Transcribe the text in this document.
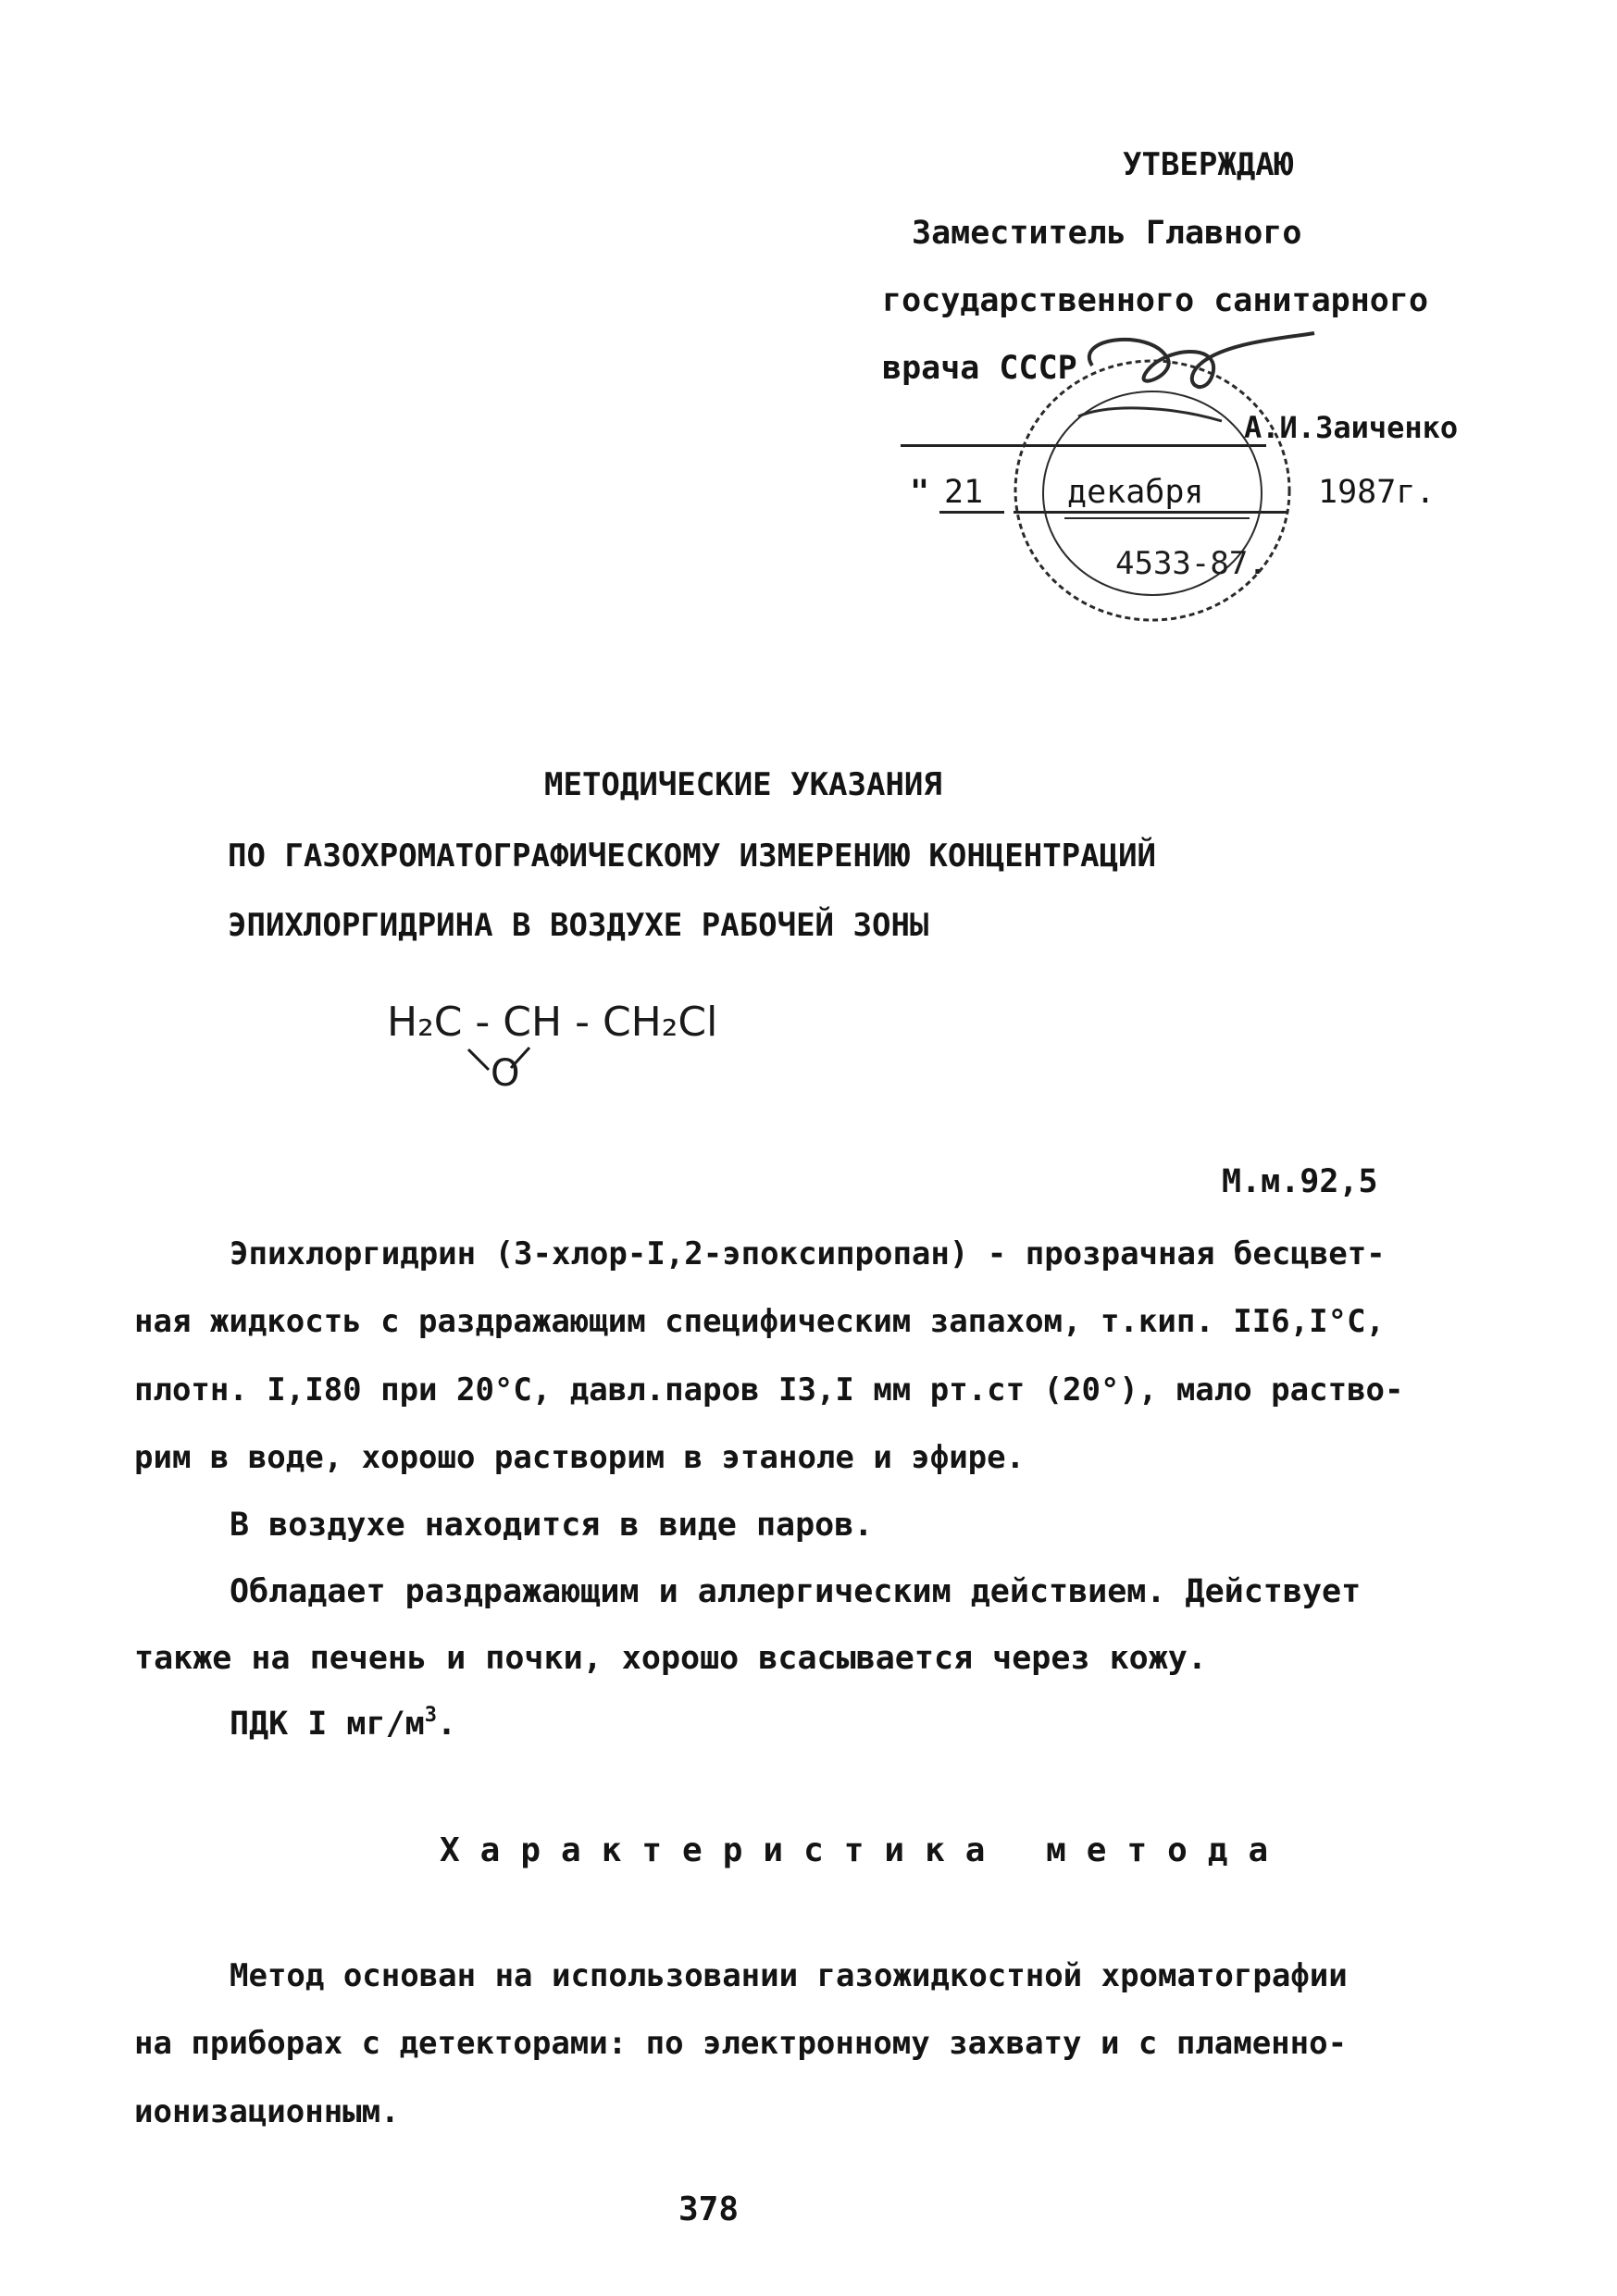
УТВЕРЖДАЮ
Заместитель Главного
государственного санитарного
врача СССР
А.И.Заиченко
" 21	декабря	1987г.
4533-87.
МЕТОДИЧЕСКИЕ УКАЗАНИЯ
ПО ГАЗОХРОМАТОГРАФИЧЕСКОМУ ИЗМЕРЕНИЮ КОНЦЕНТРАЦИЙ
ЭПИХЛОРГИДРИНА В ВОЗДУХЕ РАБОЧЕЙ ЗОНЫ
H₂C - CH - CH₂Cl
O
М.м.92,5
Эпихлоргидрин (3-хлор-I,2-эпоксипропан) - прозрачная бесцвет-
ная жидкость с раздражающим специфическим запахом, т.кип. II6,I°С,
плотн. I,I80 при 20°С, давл.паров I3,I мм рт.ст (20°), мало раство-
рим в воде, хорошо растворим в этаноле и эфире.
В воздухе находится в виде паров.
Обладает раздражающим и аллергическим действием. Действует
также на печень и почки, хорошо всасывается через кожу.
ПДК I $мг/м^3$.
Характеристика метода
Метод основан на использовании газожидкостной хроматографии
на приборах с детекторами: по электронному захвату и с пламенно-
ионизационным.
378
